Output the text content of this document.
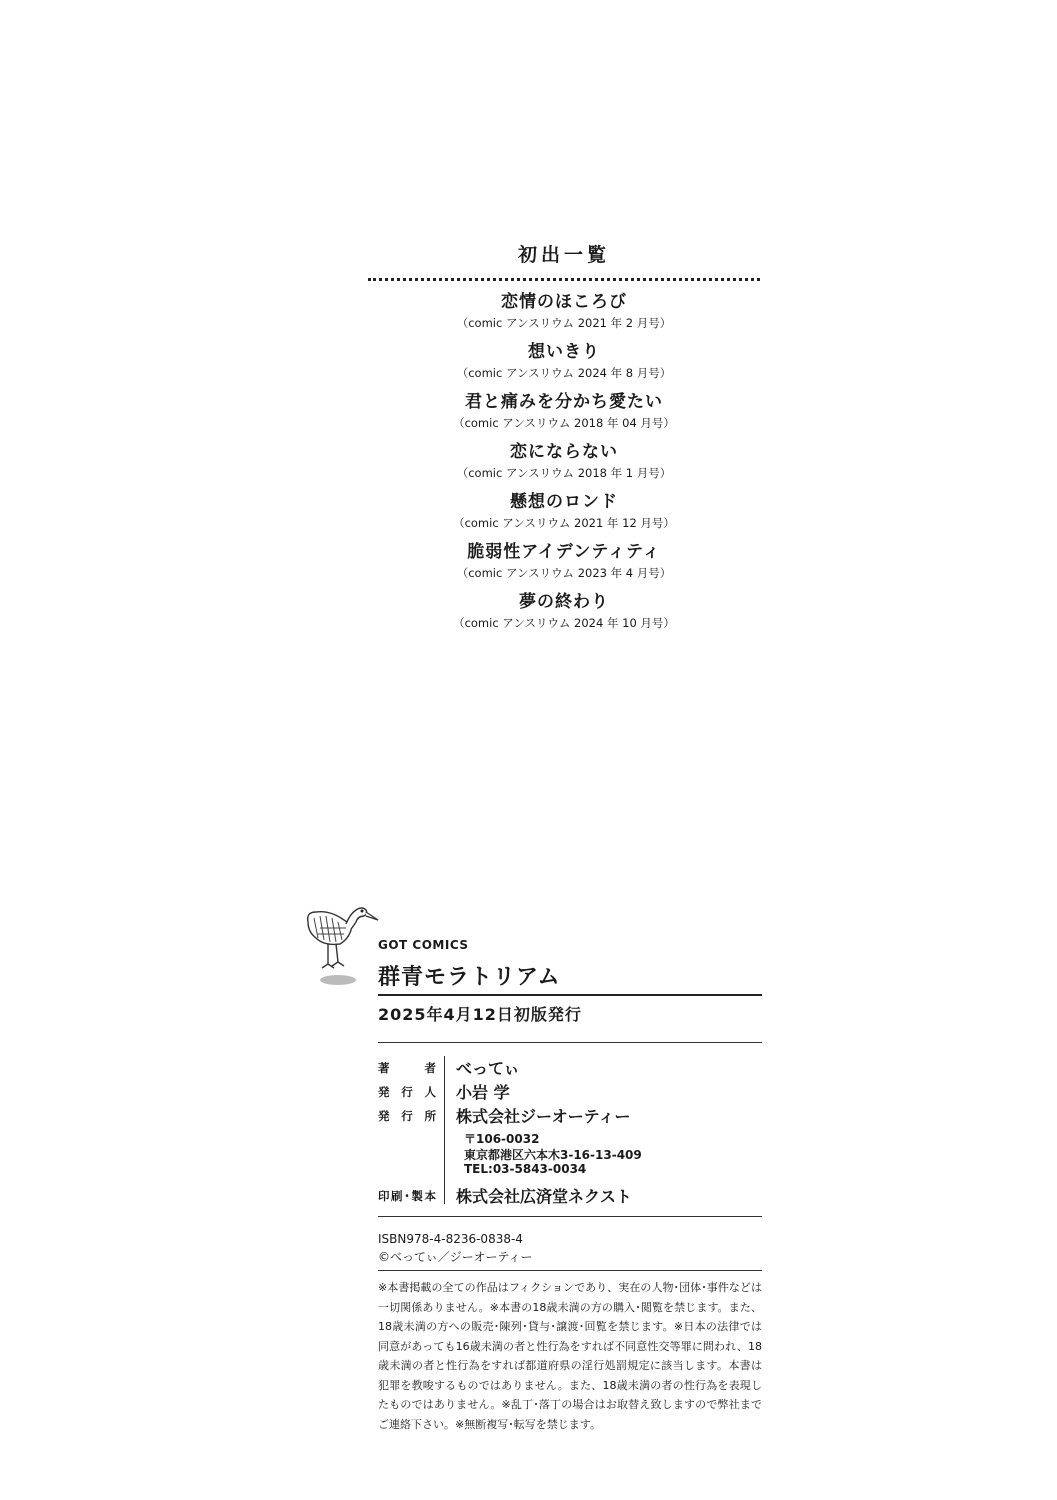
初出一覧
恋情のほころび
（comic アンスリウム 2021 年 2 月号）
想いきり
（comic アンスリウム 2024 年 8 月号）
君と痛みを分かち愛たい
（comic アンスリウム 2018 年 04 月号）
恋にならない
（comic アンスリウム 2018 年 1 月号）
懸想のロンド
（comic アンスリウム 2021 年 12 月号）
脆弱性アイデンティティ
（comic アンスリウム 2023 年 4 月号）
夢の終わり
（comic アンスリウム 2024 年 10 月号）
GOT COMICS
群青モラトリアム
2025年4月12日初版発行
著者 べってぃ
発行人 小岩 学
発行所 株式会社ジーオーティー
〒106-0032
東京都港区六本木3-16-13-409
TEL:03-5843-0034
印刷･製本 株式会社広済堂ネクスト
ISBN978-4-8236-0838-4
©べってぃ／ジーオーティー
※本書掲載の全ての作品はフィクションであり、実在の人物･団体･事件などは一切関係ありません。※本書の18歳未満の方の購入･閲覧を禁じます。また、18歳未満の方への販売･陳列･貸与･譲渡･回覧を禁じます。※日本の法律では同意があっても16歳未満の者と性行為をすれば不同意性交等罪に問われ、18歳未満の者と性行為をすれば都道府県の淫行処罰規定に該当します。本書は犯罪を教唆するものではありません。また、18歳未満の者の性行為を表現したものではありません。※乱丁･落丁の場合はお取替え致しますので弊社までご連絡下さい。※無断複写･転写を禁じます。
